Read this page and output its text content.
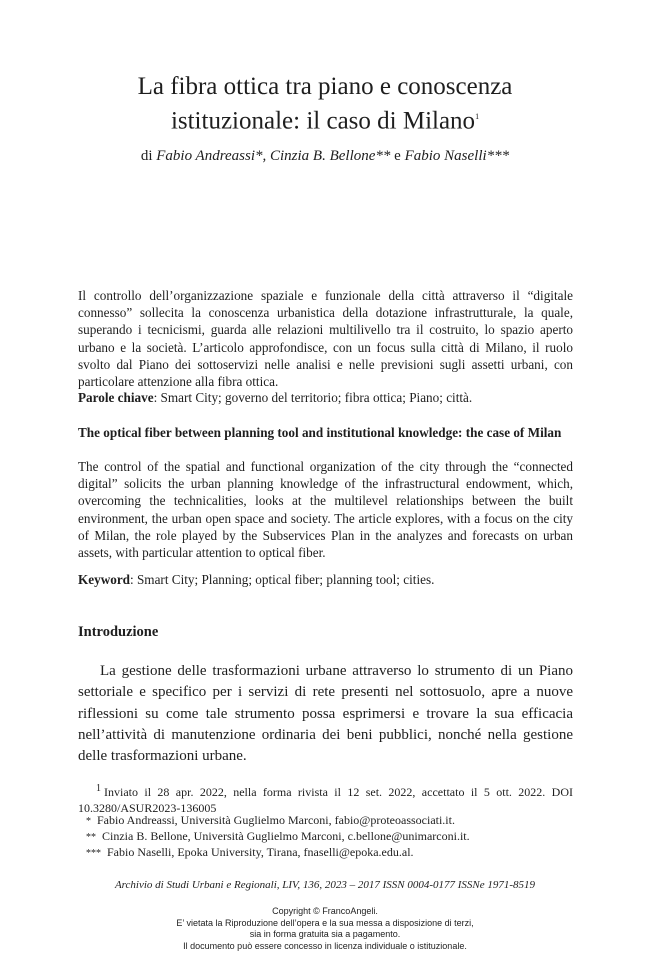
La fibra ottica tra piano e conoscenza
istituzionale: il caso di Milano$^1$
di Fabio Andreassi*, Cinzia B. Bellone** e Fabio Naselli***
Il controllo dell’organizzazione spaziale e funzionale della città attraverso il “digitale connesso” sollecita la conoscenza urbanistica della dotazione infrastrutturale, la quale, superando i tecnicismi, guarda alle relazioni multilivello tra il costruito, lo spazio aperto urbano e la società. L’articolo approfondisce, con un focus sulla città di Milano, il ruolo svolto dal Piano dei sottoservizi nelle analisi e nelle previsioni sugli assetti urbani, con particolare attenzione alla fibra ottica.
Parole chiave: Smart City; governo del territorio; fibra ottica; Piano; città.
The optical fiber between planning tool and institutional knowledge: the case of Milan
The control of the spatial and functional organization of the city through the “connected digital” solicits the urban planning knowledge of the infrastructural endowment, which, overcoming the technicalities, looks at the multilevel relationships between the built environment, the urban open space and society. The article explores, with a focus on the city of Milan, the role played by the Subservices Plan in the analyzes and forecasts on urban assets, with particular attention to optical fiber.
Keyword: Smart City; Planning; optical fiber; planning tool; cities.
Introduzione
La gestione delle trasformazioni urbane attraverso lo strumento di un Piano settoriale e specifico per i servizi di rete presenti nel sottosuolo, apre a nuove riflessioni su come tale strumento possa esprimersi e trovare la sua efficacia nell’attività di manutenzione ordinaria dei beni pubblici, nonché nella gestione delle trasformazioni urbane.
$^1$ Inviato il 28 apr. 2022, nella forma rivista il 12 set. 2022, accettato il 5 ott. 2022. DOI 10.3280/ASUR2023-136005
* Fabio Andreassi, Università Guglielmo Marconi, fabio@proteoassociati.it.
** Cinzia B. Bellone, Università Guglielmo Marconi, c.bellone@unimarconi.it.
*** Fabio Naselli, Epoka University, Tirana, fnaselli@epoka.edu.al.
Archivio di Studi Urbani e Regionali, LIV, 136, 2023 – 2017 ISSN 0004-0177 ISSNe 1971-8519
Copyright © FrancoAngeli.
E’ vietata la Riproduzione dell’opera e la sua messa a disposizione di terzi,
sia in forma gratuita sia a pagamento.
Il documento può essere concesso in licenza individuale o istituzionale.
